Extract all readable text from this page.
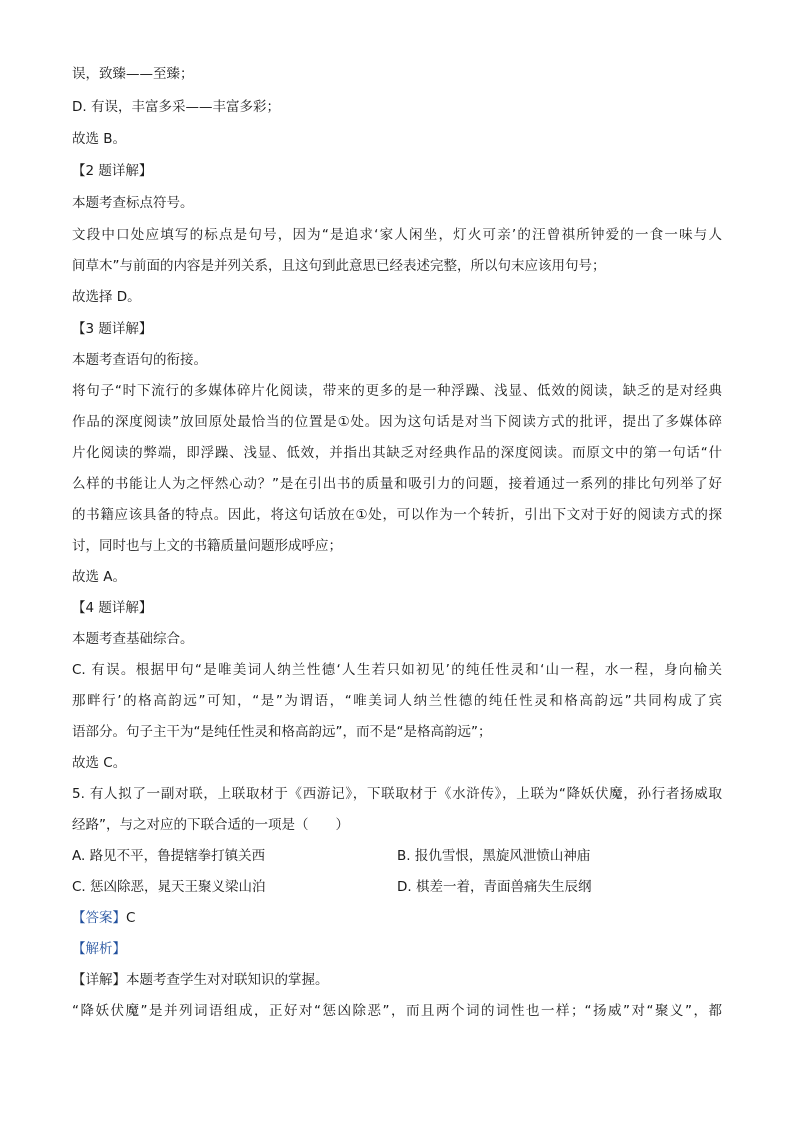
误，致臻——至臻；
D. 有误，丰富多采——丰富多彩；
故选 B。
【2 题详解】
本题考查标点符号。
文段中口处应填写的标点是句号，因为“是追求‘家人闲坐，灯火可亲’的汪曾祺所钟爱的一食一味与人
间草木”与前面的内容是并列关系，且这句到此意思已经表述完整，所以句末应该用句号；
故选择 D。
【3 题详解】
本题考查语句的衔接。
将句子“时下流行的多媒体碎片化阅读，带来的更多的是一种浮躁、浅显、低效的阅读，缺乏的是对经典
作品的深度阅读”放回原处最恰当的位置是①处。因为这句话是对当下阅读方式的批评，提出了多媒体碎
片化阅读的弊端，即浮躁、浅显、低效，并指出其缺乏对经典作品的深度阅读。而原文中的第一句话“什
么样的书能让人为之怦然心动？”是在引出书的质量和吸引力的问题，接着通过一系列的排比句列举了好
的书籍应该具备的特点。因此，将这句话放在①处，可以作为一个转折，引出下文对于好的阅读方式的探
讨，同时也与上文的书籍质量问题形成呼应；
故选 A。
【4 题详解】
本题考查基础综合。
C. 有误。根据甲句“是唯美词人纳兰性德‘人生若只如初见’的纯任性灵和‘山一程，水一程，身向榆关
那畔行’的格高韵远”可知，“是”为谓语，“唯美词人纳兰性德的纯任性灵和格高韵远”共同构成了宾
语部分。句子主干为“是纯任性灵和格高韵远”，而不是“是格高韵远”；
故选 C。
5. 有人拟了一副对联，上联取材于《西游记》，下联取材于《水浒传》，上联为“降妖伏魔，孙行者扬威取
经路”，与之对应的下联合适的一项是（　　）
A. 路见不平，鲁提辖拳打镇关西	B. 报仇雪恨，黑旋风泄愤山神庙
C. 惩凶除恶，晁天王聚义梁山泊	D. 棋差一着，青面兽痛失生辰纲
【答案】C
【解析】
【详解】本题考查学生对对联知识的掌握。
“降妖伏魔”是并列词语组成，正好对“惩凶除恶”，而且两个词的词性也一样；“扬威”对“聚义”，都
